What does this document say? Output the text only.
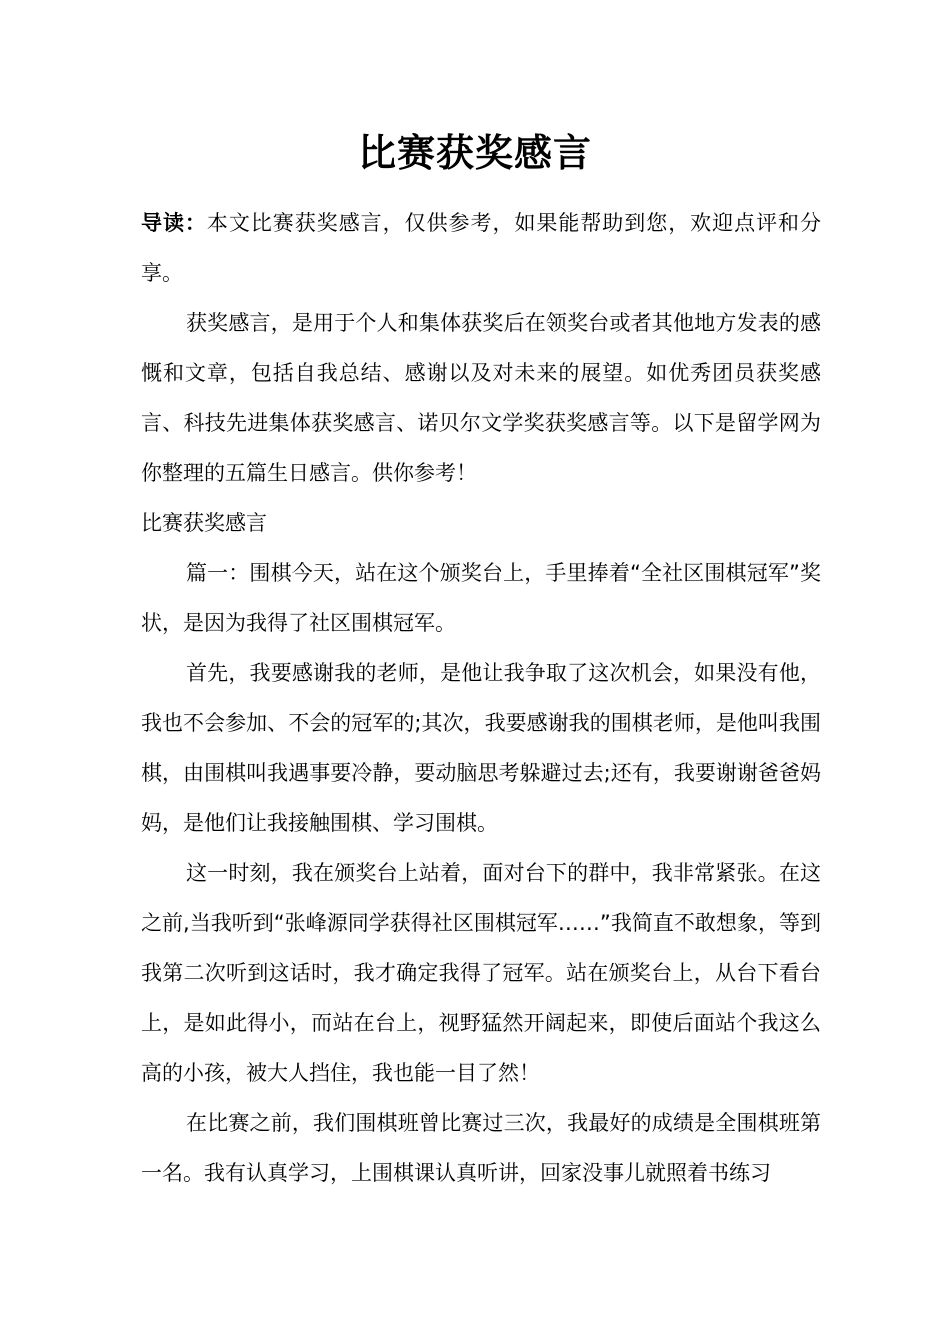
比赛获奖感言

导读：本文比赛获奖感言，仅供参考，如果能帮助到您，欢迎点评和分享。

获奖感言，是用于个人和集体获奖后在领奖台或者其他地方发表的感慨和文章，包括自我总结、感谢以及对未来的展望。如优秀团员获奖感言、科技先进集体获奖感言、诺贝尔文学奖获奖感言等。以下是留学网为你整理的五篇生日感言。供你参考！

比赛获奖感言

篇一：围棋今天，站在这个颁奖台上，手里捧着“全社区围棋冠军”奖状，是因为我得了社区围棋冠军。

首先，我要感谢我的老师，是他让我争取了这次机会，如果没有他，我也不会参加、不会的冠军的;其次，我要感谢我的围棋老师，是他叫我围棋，由围棋叫我遇事要冷静，要动脑思考躲避过去;还有，我要谢谢爸爸妈妈，是他们让我接触围棋、学习围棋。

这一时刻，我在颁奖台上站着，面对台下的群中，我非常紧张。在这之前,当我听到“张峰源同学获得社区围棋冠军……”我简直不敢想象，等到我第二次听到这话时，我才确定我得了冠军。站在颁奖台上，从台下看台上，是如此得小，而站在台上，视野猛然开阔起来，即使后面站个我这么高的小孩，被大人挡住，我也能一目了然！

在比赛之前，我们围棋班曾比赛过三次，我最好的成绩是全围棋班第一名。我有认真学习，上围棋课认真听讲，回家没事儿就照着书练习
